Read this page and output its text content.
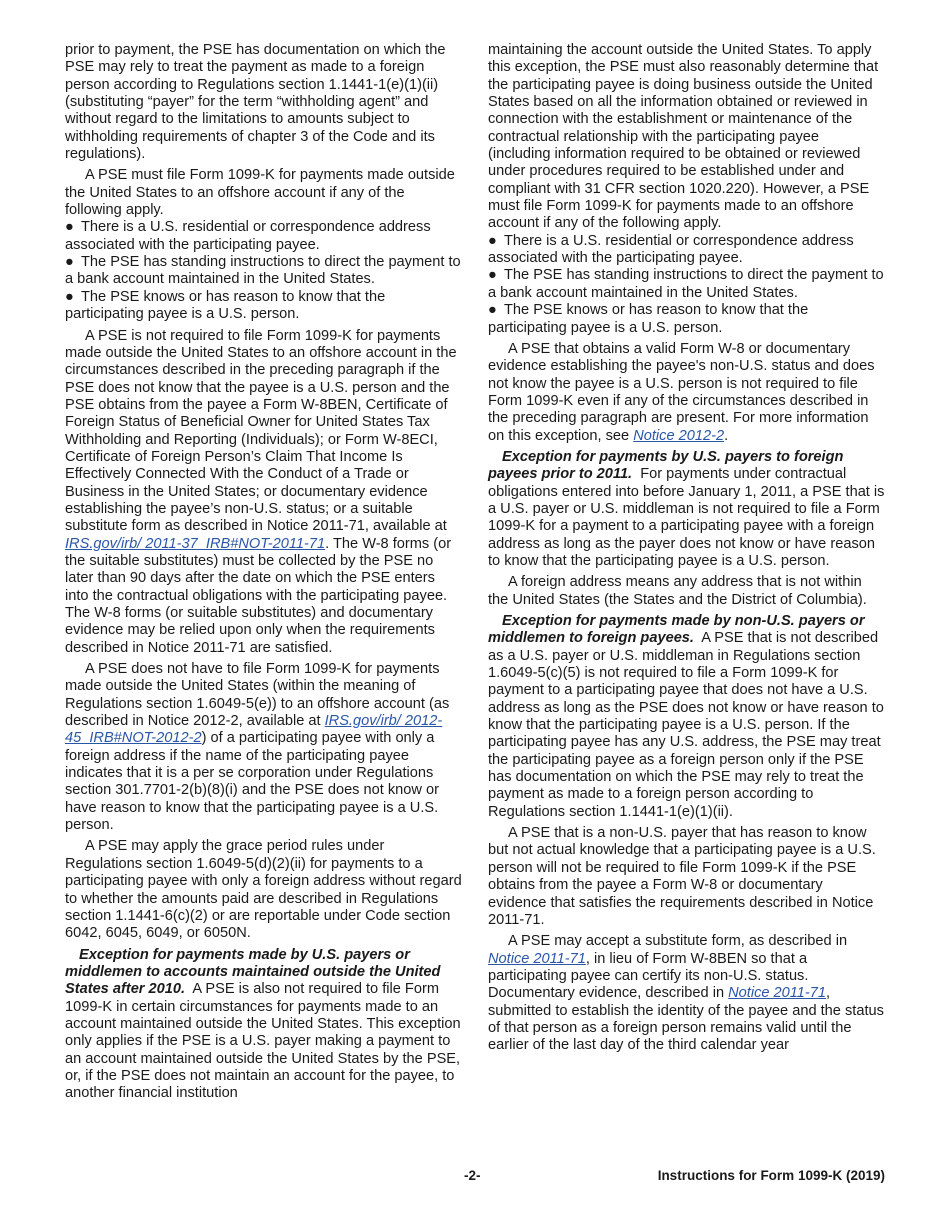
prior to payment, the PSE has documentation on which the PSE may rely to treat the payment as made to a foreign person according to Regulations section 1.1441-1(e)(1)(ii) (substituting “payer” for the term “withholding agent” and without regard to the limitations to amounts subject to withholding requirements of chapter 3 of the Code and its regulations).

A PSE must file Form 1099-K for payments made outside the United States to an offshore account if any of the following apply.

● There is a U.S. residential or correspondence address associated with the participating payee.

● The PSE has standing instructions to direct the payment to a bank account maintained in the United States.

● The PSE knows or has reason to know that the participating payee is a U.S. person.

A PSE is not required to file Form 1099-K for payments made outside the United States to an offshore account in the circumstances described in the preceding paragraph if the PSE does not know that the payee is a U.S. person and the PSE obtains from the payee a Form W-8BEN, Certificate of Foreign Status of Beneficial Owner for United States Tax Withholding and Reporting (Individuals); or Form W-8ECI, Certificate of Foreign Person’s Claim That Income Is Effectively Connected With the Conduct of a Trade or Business in the United States; or documentary evidence establishing the payee’s non-U.S. status; or a suitable substitute form as described in Notice 2011-71, available at IRS.gov/irb/ 2011-37_IRB#NOT-2011-71. The W-8 forms (or the suitable substitutes) must be collected by the PSE no later than 90 days after the date on which the PSE enters into the contractual obligations with the participating payee. The W-8 forms (or suitable substitutes) and documentary evidence may be relied upon only when the requirements described in Notice 2011-71 are satisfied.

A PSE does not have to file Form 1099-K for payments made outside the United States (within the meaning of Regulations section 1.6049-5(e)) to an offshore account (as described in Notice 2012-2, available at IRS.gov/irb/ 2012-45_IRB#NOT-2012-2) of a participating payee with only a foreign address if the name of the participating payee indicates that it is a per se corporation under Regulations section 301.7701-2(b)(8)(i) and the PSE does not know or have reason to know that the participating payee is a U.S. person.

A PSE may apply the grace period rules under Regulations section 1.6049-5(d)(2)(ii) for payments to a participating payee with only a foreign address without regard to whether the amounts paid are described in Regulations section 1.1441-6(c)(2) or are reportable under Code section 6042, 6045, 6049, or 6050N.

Exception for payments made by U.S. payers or middlemen to accounts maintained outside the United States after 2010. A PSE is also not required to file Form 1099-K in certain circumstances for payments made to an account maintained outside the United States. This exception only applies if the PSE is a U.S. payer making a payment to an account maintained outside the United States by the PSE, or, if the PSE does not maintain an account for the payee, to another financial institution

maintaining the account outside the United States. To apply this exception, the PSE must also reasonably determine that the participating payee is doing business outside the United States based on all the information obtained or reviewed in connection with the establishment or maintenance of the contractual relationship with the participating payee (including information required to be obtained or reviewed under procedures required to be established under and compliant with 31 CFR section 1020.220). However, a PSE must file Form 1099-K for payments made to an offshore account if any of the following apply.

● There is a U.S. residential or correspondence address associated with the participating payee.

● The PSE has standing instructions to direct the payment to a bank account maintained in the United States.

● The PSE knows or has reason to know that the participating payee is a U.S. person.

A PSE that obtains a valid Form W-8 or documentary evidence establishing the payee's non-U.S. status and does not know the payee is a U.S. person is not required to file Form 1099-K even if any of the circumstances described in the preceding paragraph are present. For more information on this exception, see Notice 2012-2.

Exception for payments by U.S. payers to foreign payees prior to 2011. For payments under contractual obligations entered into before January 1, 2011, a PSE that is a U.S. payer or U.S. middleman is not required to file a Form 1099-K for a payment to a participating payee with a foreign address as long as the payer does not know or have reason to know that the participating payee is a U.S. person.

A foreign address means any address that is not within the United States (the States and the District of Columbia).

Exception for payments made by non-U.S. payers or middlemen to foreign payees. A PSE that is not described as a U.S. payer or U.S. middleman in Regulations section 1.6049-5(c)(5) is not required to file a Form 1099-K for payment to a participating payee that does not have a U.S. address as long as the PSE does not know or have reason to know that the participating payee is a U.S. person. If the participating payee has any U.S. address, the PSE may treat the participating payee as a foreign person only if the PSE has documentation on which the PSE may rely to treat the payment as made to a foreign person according to Regulations section 1.1441-1(e)(1)(ii).

A PSE that is a non-U.S. payer that has reason to know but not actual knowledge that a participating payee is a U.S. person will not be required to file Form 1099-K if the PSE obtains from the payee a Form W-8 or documentary evidence that satisfies the requirements described in Notice 2011-71.

A PSE may accept a substitute form, as described in Notice 2011-71, in lieu of Form W-8BEN so that a participating payee can certify its non-U.S. status. Documentary evidence, described in Notice 2011-71, submitted to establish the identity of the payee and the status of that person as a foreign person remains valid until the earlier of the last day of the third calendar year

-2-	Instructions for Form 1099-K (2019)
